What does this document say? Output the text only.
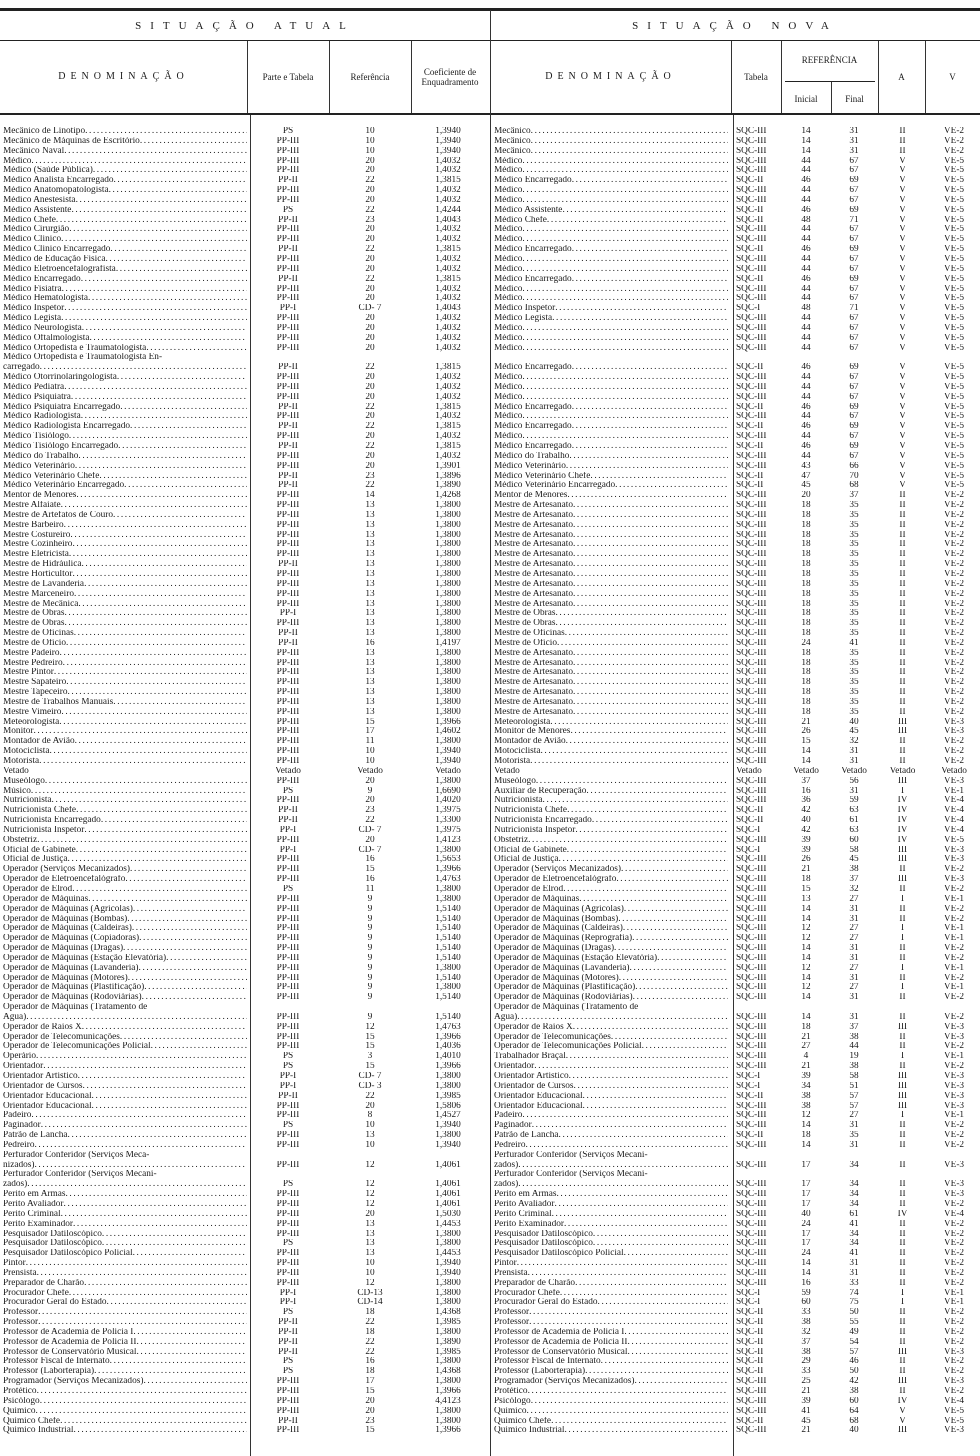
SITUAÇÃO ATUAL	SITUAÇÃO NOVA
DENOMINAÇÃO	Parte e Tabela	Referência	Coeficiente de Enquadramento	DENOMINAÇÃO	Tabela
REFERÊNCIA
Inicial	Final
A	V
Mecânico de Linotipo .....	PS	10	1,3940	Mecânico .....	SQC-III	14	31	II	VE-2
Mecânico de Máquinas de Escritório .....	PP-III	10	1,3940	Mecânico .....	SQC-III	14	31	II	VE-2
Mecânico Naval .....	PP-III	10	1,3940	Mecânico .....	SQC-III	14	31	II	VE-2
Médico .....	PP-III	20	1,4032	Médico .....	SQC-III	44	67	V	VE-5
Médico (Saúde Pública) .....	PP-III	20	1,4032	Médico .....	SQC-III	44	67	V	VE-5
Médico Analista Encarregado .....	PP-II	22	1,3815	Médico Encarregado .....	SQC-II	46	69	V	VE-5
Médico Anatomopatologista .....	PP-III	20	1,4032	Médico .....	SQC-III	44	67	V	VE-5
Médico Anestesista .....	PP-III	20	1,4032	Médico .....	SQC-III	44	67	V	VE-5
Médico Assistente .....	PS	22	1,4244	Médico Assistente .....	SQC-II	46	69	V	VE-5
Médico Chefe .....	PP-II	23	1,4043	Médico Chefe .....	SQC-II	48	71	V	VE-5
Médico Cirurgião .....	PP-III	20	1,4032	Médico .....	SQC-III	44	67	V	VE-5
Médico Clínico .....	PP-III	20	1,4032	Médico .....	SQC-III	44	67	V	VE-5
Médico Clínico Encarregado .....	PP-II	22	1,3815	Médico Encarregado .....	SQC-II	46	69	V	VE-5
Médico de Educação Física .....	PP-III	20	1,4032	Médico .....	SQC-III	44	67	V	VE-5
Médico Eletroencefalografista .....	PP-III	20	1,4032	Médico .....	SQC-III	44	67	V	VE-5
Médico Encarregado .....	PP-II	22	1,3815	Médico Encarregado .....	SQC-II	46	69	V	VE-5
Médico Fisiatra .....	PP-III	20	1,4032	Médico .....	SQC-III	44	67	V	VE-5
Médico Hematologista .....	PP-III	20	1,4032	Médico .....	SQC-III	44	67	V	VE-5
Médico Inspetor .....	PP-I	CD- 7	1,4043	Médico Inspetor .....	SQC-I	48	71	V	VE-5
Médico Legista .....	PP-III	20	1,4032	Médico Legista .....	SQC-III	44	67	V	VE-5
Médico Neurologista .....	PP-III	20	1,4032	Médico .....	SQC-III	44	67	V	VE-5
Médico Oftalmologista .....	PP-III	20	1,4032	Médico .....	SQC-III	44	67	V	VE-5
Médico Ortopedista e Traumatologista .....	PP-III	20	1,4032	Médico .....	SQC-III	44	67	V	VE-5
Médico Ortopedista e Traumatologista En-
carregado .....	PP-II	22	1,3815	Médico Encarregado .....	SQC-II	46	69	V	VE-5
Médico Otorrinolaringologista .....	PP-III	20	1,4032	Médico .....	SQC-III	44	67	V	VE-5
Médico Pediatra .....	PP-III	20	1,4032	Médico .....	SQC-III	44	67	V	VE-5
Médico Psiquiatra .....	PP-III	20	1,4032	Médico .....	SQC-III	44	67	V	VE-5
Médico Psiquiatra Encarregado .....	PP-II	22	1,3815	Médico Encarregado .....	SQC-II	46	69	V	VE-5
Médico Radiologista .....	PP-III	20	1,4032	Médico .....	SQC-III	44	67	V	VE-5
Médico Radiologista Encarregado .....	PP-II	22	1,3815	Médico Encarregado .....	SQC-II	46	69	V	VE-5
Médico Tisiólogo .....	PP-III	20	1,4032	Médico .....	SQC-III	44	67	V	VE-5
Médico Tisiólogo Encarregado .....	PP-II	22	1,3815	Médico Encarregado .....	SQC-II	46	69	V	VE-5
Médico do Trabalho .....	PP-III	20	1,4032	Médico do Trabalho .....	SQC-III	44	67	V	VE-5
Médico Veterinário .....	PP-III	20	1,3901	Médico Veterinário .....	SQC-III	43	66	V	VE-5
Médico Veterinário Chefe .....	PP-II	23	1,3896	Médico Veterinário Chefe .....	SQC-II	47	70	V	VE-5
Médico Veterinário Encarregado .....	PP-II	22	1,3890	Médico Veterinário Encarregado .....	SQC-II	45	68	V	VE-5
Mentor de Menores .....	PP-III	14	1,4268	Mentor de Menores .....	SQC-III	20	37	II	VE-2
Mestre Alfaiate .....	PP-III	13	1,3800	Mestre de Artesanato .....	SQC-III	18	35	II	VE-2
Mestre de Artefatos de Couro .....	PP-III	13	1,3800	Mestre de Artesanato .....	SQC-III	18	35	II	VE-2
Mestre Barbeiro .....	PP-III	13	1,3800	Mestre de Artesanato .....	SQC-III	18	35	II	VE-2
Mestre Costureiro .....	PP-III	13	1,3800	Mestre de Artesanato .....	SQC-III	18	35	II	VE-2
Mestre Cozinheiro .....	PP-III	13	1,3800	Mestre de Artesanato .....	SQC-III	18	35	II	VE-2
Mestre Eletricista .....	PP-III	13	1,3800	Mestre de Artesanato .....	SQC-III	18	35	II	VE-2
Mestre de Hidráulica .....	PP-II	13	1,3800	Mestre de Artesanato .....	SQC-III	18	35	II	VE-2
Mestre Horticultor .....	PP-III	13	1,3800	Mestre de Artesanato .....	SQC-III	18	35	II	VE-2
Mestre de Lavanderia .....	PP-III	13	1,3800	Mestre de Artesanato .....	SQC-III	18	35	II	VE-2
Mestre Marceneiro .....	PP-III	13	1,3800	Mestre de Artesanato .....	SQC-III	18	35	II	VE-2
Mestre de Mecânica .....	PP-III	13	1,3800	Mestre de Artesanato .....	SQC-III	18	35	II	VE-2
Mestre de Obras .....	PP-I	13	1,3800	Mestre de Obras .....	SQC-III	18	35	II	VE-2
Mestre de Obras .....	PP-III	13	1,3800	Mestre de Obras .....	SQC-III	18	35	II	VE-2
Mestre de Oficinas .....	PP-II	13	1,3800	Mestre de Oficinas .....	SQC-III	18	35	II	VE-2
Mestre de Ofício .....	PP-II	16	1,4197	Mestre de Ofício .....	SQC-III	24	41	II	VE-2
Mestre Padeiro .....	PP-III	13	1,3800	Mestre de Artesanato .....	SQC-III	18	35	II	VE-2
Mestre Pedreiro .....	PP-III	13	1,3800	Mestre de Artesanato .....	SQC-III	18	35	II	VE-2
Mestre Pintor .....	PP-III	13	1,3800	Mestre de Artesanato .....	SQC-III	18	35	II	VE-2
Mestre Sapateiro .....	PP-III	13	1,3800	Mestre de Artesanato .....	SQC-III	18	35	II	VE-2
Mestre Tapeceiro .....	PP-III	13	1,3800	Mestre de Artesanato .....	SQC-III	18	35	II	VE-2
Mestre de Trabalhos Manuais .....	PP-III	13	1,3800	Mestre de Artesanato .....	SQC-III	18	35	II	VE-2
Mestre Vimeiro .....	PP-III	13	1,3800	Mestre de Artesanato .....	SQC-III	18	35	II	VE-2
Meteorologista .....	PP-III	15	1,3966	Meteorologista .....	SQC-III	21	40	III	VE-3
Monitor .....	PP-III	17	1,4602	Monitor de Menores .....	SQC-III	26	45	III	VE-3
Montador de Avião .....	PP-III	11	1,3800	Montador de Avião .....	SQC-III	15	32	II	VE-2
Motociclista .....	PP-III	10	1,3940	Motociclista .....	SQC-III	14	31	II	VE-2
Motorista .....	PP-III	10	1,3940	Motorista .....	SQC-III	14	31	II	VE-2
Vetado	Vetado	Vetado	Vetado	Vetado	Vetado	Vetado	Vetado	Vetado	Vetado
Museólogo .....	PP-III	20	1,3800	Museólogo .....	SQC-III	37	56	III	VE-3
Músico .....	PS	9	1,6690	Auxiliar de Recuperação .....	SQC-III	16	31	I	VE-1
Nutricionista .....	PP-III	20	1,4020	Nutricionista .....	SQC-III	36	59	IV	VE-4
Nutricionista Chefe .....	PP-II	23	1,3975	Nutricionista Chefe .....	SQC-II	42	63	IV	VE-4
Nutricionista Encarregado .....	PP-II	22	1,3300	Nutricionista Encarregado .....	SQC-II	40	61	IV	VE-4
Nutricionista Inspetor .....	PP-I	CD- 7	1,3975	Nutricionista Inspetor .....	SQC-I	42	63	IV	VE-4
Obstetriz .....	PP-III	20	1,4123	Obstetriz .....	SQC-III	39	60	IV	VE-5
Oficial de Gabinete .....	PP-I	CD- 7	1,3800	Oficial de Gabinete .....	SQC-I	39	58	III	VE-3
Oficial de Justiça .....	PP-III	16	1,5653	Oficial de Justiça .....	SQC-III	26	45	III	VE-3
Operador (Serviços Mecanizados) .....	PP-III	15	1,3966	Operador (Serviços Mecanizados) .....	SQC-III	21	38	II	VE-2
Operador de Eletroencefalógrafo .....	PP-III	16	1,4763	Operador de Eletroencefalógrafo .....	SQC-III	18	37	III	VE-3
Operador de Elrod .....	PS	11	1,3800	Operador de Elrod .....	SQC-III	15	32	II	VE-2
Operador de Máquinas .....	PP-III	9	1,3800	Operador de Máquinas .....	SQC-III	13	27	I	VE-1
Operador de Máquinas (Agrícolas) .....	PP-III	9	1,5140	Operador de Máquinas (Agrícolas) .....	SQC-III	14	31	II	VE-2
Operador de Máquinas (Bombas) .....	PP-III	9	1,5140	Operador de Máquinas (Bombas) .....	SQC-III	14	31	II	VE-2
Operador de Máquinas (Caldeiras) .....	PP-III	9	1,5140	Operador de Máquinas (Caldeiras) .....	SQC-III	12	27	I	VE-1
Operador de Máquinas (Copiadoras) .....	PP-III	9	1,5140	Operador de Máquinas (Reprografia) .....	SQC-III	12	27	I	VE-1
Operador de Máquinas (Dragas) .....	PP-III	9	1,5140	Operador de Máquinas (Dragas) .....	SQC-III	14	31	II	VE-2
Operador de Máquinas (Estação Elevatória) .....	PP-III	9	1,5140	Operador de Máquinas (Estação Elevatória) .....	SQC-III	14	31	II	VE-2
Operador de Máquinas (Lavanderia) .....	PP-III	9	1,3800	Operador de Máquinas (Lavanderia) .....	SQC-III	12	27	I	VE-1
Operador de Máquinas (Motores) .....	PP-III	9	1,5140	Operador de Máquinas (Motores) .....	SQC-III	14	31	II	VE-2
Operador de Máquinas (Plastificação) .....	PP-III	9	1,3800	Operador de Máquinas (Plastificação) .....	SQC-III	12	27	I	VE-1
Operador de Máquinas (Rodoviárias) .....	PP-III	9	1,5140	Operador de Máquinas (Rodoviárias) .....	SQC-III	14	31	II	VE-2
Operador de Máquinas (Tratamento de	Operador de Máquinas (Tratamento de
Água) .....	PP-III	9	1,5140	Água) .....	SQC-III	14	31	II	VE-2
Operador de Raios X .....	PP-III	12	1,4763	Operador de Raios X .....	SQC-III	18	37	III	VE-3
Operador de Telecomunicações .....	PP-III	15	1,3966	Operador de Telecomunicações .....	SQC-III	21	38	II	VE-3
Operador de Telecomunicações Policial .....	PP-III	15	1,4036	Operador de Telecomunicações Policial .....	SQC-III	27	44	II	VE-2
Operário .....	PS	3	1,4010	Trabalhador Braçal .....	SQC-III	4	19	I	VE-1
Orientador .....	PS	15	1,3966	Orientador .....	SQC-III	21	38	II	VE-2
Orientador Artístico .....	PP-I	CD- 7	1,3800	Orientador Artístico .....	SQC-I	39	58	III	VE-3
Orientador de Cursos .....	PP-I	CD- 3	1,3800	Orientador de Cursos .....	SQC-I	34	51	III	VE-3
Orientador Educacional .....	PP-II	22	1,3985	Orientador Educacional .....	SQC-II	38	57	III	VE-3
Orientador Educacional .....	PP-III	20	1,5806	Orientador Educacional .....	SQC-III	38	57	III	VE-3
Padeiro .....	PP-III	8	1,4527	Padeiro .....	SQC-III	12	27	I	VE-1
Paginador .....	PS	10	1,3940	Paginador .....	SQC-III	14	31	II	VE-2
Patrão de Lancha .....	PP-III	13	1,3800	Patrão de Lancha .....	SQC-II	18	35	II	VE-2
Pedreiro .....	PP-III	10	1,3940	Pedreiro .....	SQC-III	14	31	II	VE-2
Perfurador Conferidor (Serviços Meca-	Perfurador Conferidor (Serviços Mecani-
nizados) .....	PP-III	12	1,4061	zados) .....	SQC-III	17	34	II	VE-3
Perfurador Conferidor (Serviços Mecani-	Perfurador Conferidor (Serviços Mecani-
zados) .....	PS	12	1,4061	zados) .....	SQC-III	17	34	II	VE-3
Perito em Armas .....	PP-III	12	1,4061	Perito em Armas .....	SQC-III	17	34	II	VE-3
Perito Avaliador .....	PP-III	12	1,4061	Perito Avaliador .....	SQC-III	17	34	II	VE-2
Perito Criminal .....	PP-III	20	1,5030	Perito Criminal .....	SQC-III	40	61	IV	VE-4
Perito Examinador .....	PP-III	13	1,4453	Perito Examinador .....	SQC-III	24	41	II	VE-2
Pesquisador Datiloscópico .....	PP-III	13	1,3800	Pesquisador Datiloscópico .....	SQC-III	17	34	II	VE-2
Pesquisador Datiloscópico .....	PS	13	1,3800	Pesquisador Datiloscópico .....	SQC-III	17	34	II	VE-2
Pesquisador Datiloscópico Policial .....	PP-III	13	1,4453	Pesquisador Datiloscópico Policial .....	SQC-III	24	41	II	VE-2
Pintor .....	PP-III	10	1,3940	Pintor .....	SQC-III	14	31	II	VE-2
Prensista .....	PP-III	10	1,3940	Prensista .....	SQC-III	14	31	II	VE-2
Preparador de Charão .....	PP-III	12	1,3800	Preparador de Charão .....	SQC-III	16	33	II	VE-2
Procurador Chefe .....	PP-I	CD-13	1,3800	Procurador Chefe .....	SQC-I	59	74	I	VE-1
Procurador Geral do Estado .....	PP-I	CD-14	1,3800	Procurador Geral do Estado .....	SQC-I	60	75	I	VE-1
Professor .....	PS	18	1,4368	Professor .....	SQC-II	33	50	II	VE-2
Professor .....	PP-II	22	1,3985	Professor .....	SQC-II	38	55	II	VE-2
Professor de Academia de Polícia I .....	PP-II	18	1,3800	Professor de Academia de Polícia I .....	SQC-II	32	49	II	VE-2
Professor de Academia de Polícia II .....	PP-II	22	1,3890	Professor de Academia de Polícia II .....	SQC-II	37	54	II	VE-2
Professor de Conservatório Musical .....	PP-II	22	1,3985	Professor de Conservatório Musical .....	SQC-II	38	57	III	VE-3
Professor Fiscal de Internato .....	PS	16	1,3800	Professor Fiscal de Internato .....	SQC-II	29	46	II	VE-2
Professor (Laborterapia) .....	PS	18	1,4368	Professor (Laborterapia) .....	SQC-II	33	50	II	VE-2
Programador (Serviços Mecanizados) .....	PP-III	17	1,3800	Programador (Serviços Mecanizados) .....	SQC-III	25	42	III	VE-3
Protético .....	PP-III	15	1,3966	Protético .....	SQC-III	21	38	II	VE-2
Psicólogo .....	PP-III	20	4,4123	Psicólogo .....	SQC-III	39	60	IV	VE-4
Químico .....	PP-III	20	1,3800	Químico .....	SQC-III	41	64	V	VE-5
Químico Chefe .....	PP-II	23	1,3800	Químico Chefe .....	SQC-II	45	68	V	VE-5
Químico Industrial .....	PP-III	15	1,3966	Químico Industrial .....	SQC-III	21	40	III	VE-3
